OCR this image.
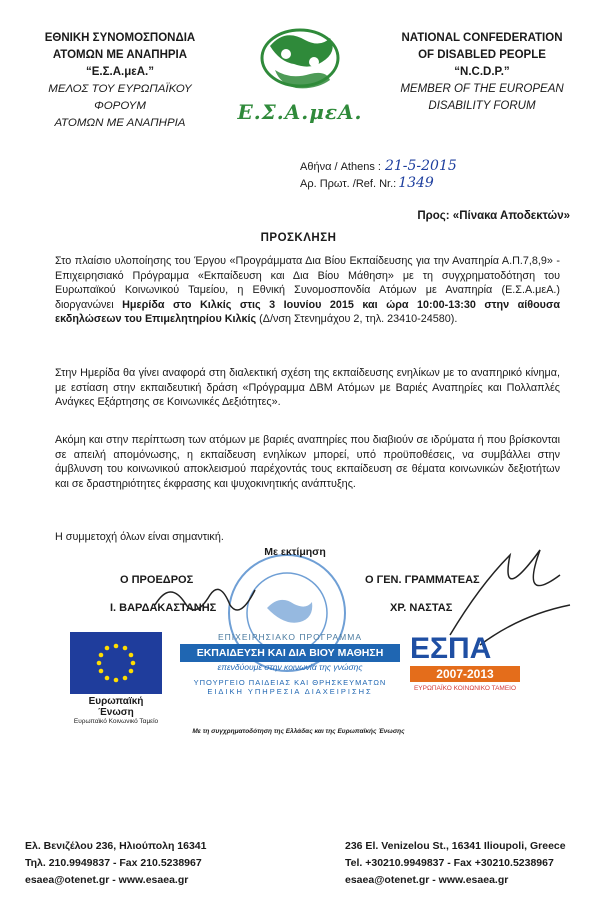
ΕΘΝΙΚΗ ΣΥΝΟΜΟΣΠΟΝΔΙΑ
ΑΤΟΜΩΝ ΜΕ ΑΝΑΠΗΡΙΑ
“Ε.Σ.Α.μεΑ.”
ΜΕΛΟΣ ΤΟΥ ΕΥΡΩΠΑΪΚΟΥ ΦΟΡΟΥΜ
ΑΤΟΜΩΝ ΜΕ ΑΝΑΠΗΡΙΑ	Ε.Σ.Α.μεΑ.
NATIONAL CONFEDERATION
OF DISABLED PEOPLE
“N.C.D.P.”
MEMBER OF THE EUROPEAN
DISABILITY FORUM
Αθήνα / Athens : 21-5-2015
Αρ. Πρωτ. /Ref. Nr.: 1349
Προς: «Πίνακα Αποδεκτών»
ΠΡΟΣΚΛΗΣΗ
Στο πλαίσιο υλοποίησης του Έργου «Προγράμματα Δια Βίου Εκπαίδευσης για την Αναπηρία Α.Π.7,8,9» - Επιχειρησιακό Πρόγραμμα «Εκπαίδευση και Δια Βίου Μάθηση» με τη συγχρηματοδότηση του Ευρωπαϊκού Κοινωνικού Ταμείου, η Εθνική Συνομοσπονδία Ατόμων με Αναπηρία (Ε.Σ.Α.μεΑ.) διοργανώνει Ημερίδα στο Κιλκίς στις 3 Ιουνίου 2015 και ώρα 10:00-13:30 στην αίθουσα εκδηλώσεων του Επιμελητηρίου Κιλκίς (Δ/νση Στενημάχου 2, τηλ. 23410-24580).
Στην Ημερίδα θα γίνει αναφορά στη διαλεκτική σχέση της εκπαίδευσης ενηλίκων με το αναπηρικό κίνημα, με εστίαση στην εκπαιδευτική δράση «Πρόγραμμα ΔΒΜ Ατόμων με Βαριές Αναπηρίες και Πολλαπλές Ανάγκες Εξάρτησης σε Κοινωνικές Δεξιότητες».
Ακόμη και στην περίπτωση των ατόμων με βαριές αναπηρίες που διαβιούν σε ιδρύματα ή που βρίσκονται σε απειλή απομόνωσης, η εκπαίδευση ενηλίκων μπορεί, υπό προϋποθέσεις, να συμβάλλει στην άμβλυνση του κοινωνικού αποκλεισμού παρέχοντάς τους εκπαίδευση σε θέματα κοινωνικών δεξιοτήτων και σε δραστηριότητες έκφρασης και ψυχοκινητικής ανάπτυξης.
Η συμμετοχή όλων είναι σημαντική.
Με εκτίμηση
Ο ΠΡΟΕΔΡΟΣ
Ι. ΒΑΡΔΑΚΑΣΤΑΝΗΣ
Ο ΓΕΝ. ΓΡΑΜΜΑΤΕΑΣ
ΧΡ. ΝΑΣΤΑΣ
Ευρωπαϊκή Ένωση
Ευρωπαϊκό Κοινωνικό Ταμείο
ΕΠΙΧΕΙΡΗΣΙΑΚΟ ΠΡΟΓΡΑΜΜΑ
ΕΚΠΑΙΔΕΥΣΗ ΚΑΙ ΔΙΑ ΒΙΟΥ ΜΑΘΗΣΗ
επενδύουμε στην κοινωνία της γνώσης
ΥΠΟΥΡΓΕΙΟ ΠΑΙΔΕΙΑΣ ΚΑΙ ΘΡΗΣΚΕΥΜΑΤΩΝ
ΕΙΔΙΚΗ ΥΠΗΡΕΣΙΑ ΔΙΑΧΕΙΡΙΣΗΣ
ΕΣΠΑ
2007-2013
ΕΥΡΩΠΑΪΚΟ ΚΟΙΝΩΝΙΚΟ ΤΑΜΕΙΟ
Με τη συγχρηματοδότηση της Ελλάδας και της Ευρωπαϊκής Ένωσης
Ελ. Βενιζέλου 236, Ηλιούπολη 16341
Τηλ. 210.9949837 - Fax 210.5238967
esaea@otenet.gr - www.esaea.gr
236 El. Venizelou St., 16341 Ilioupoli, Greece
Tel. +30210.9949837 - Fax +30210.5238967
esaea@otenet.gr - www.esaea.gr
